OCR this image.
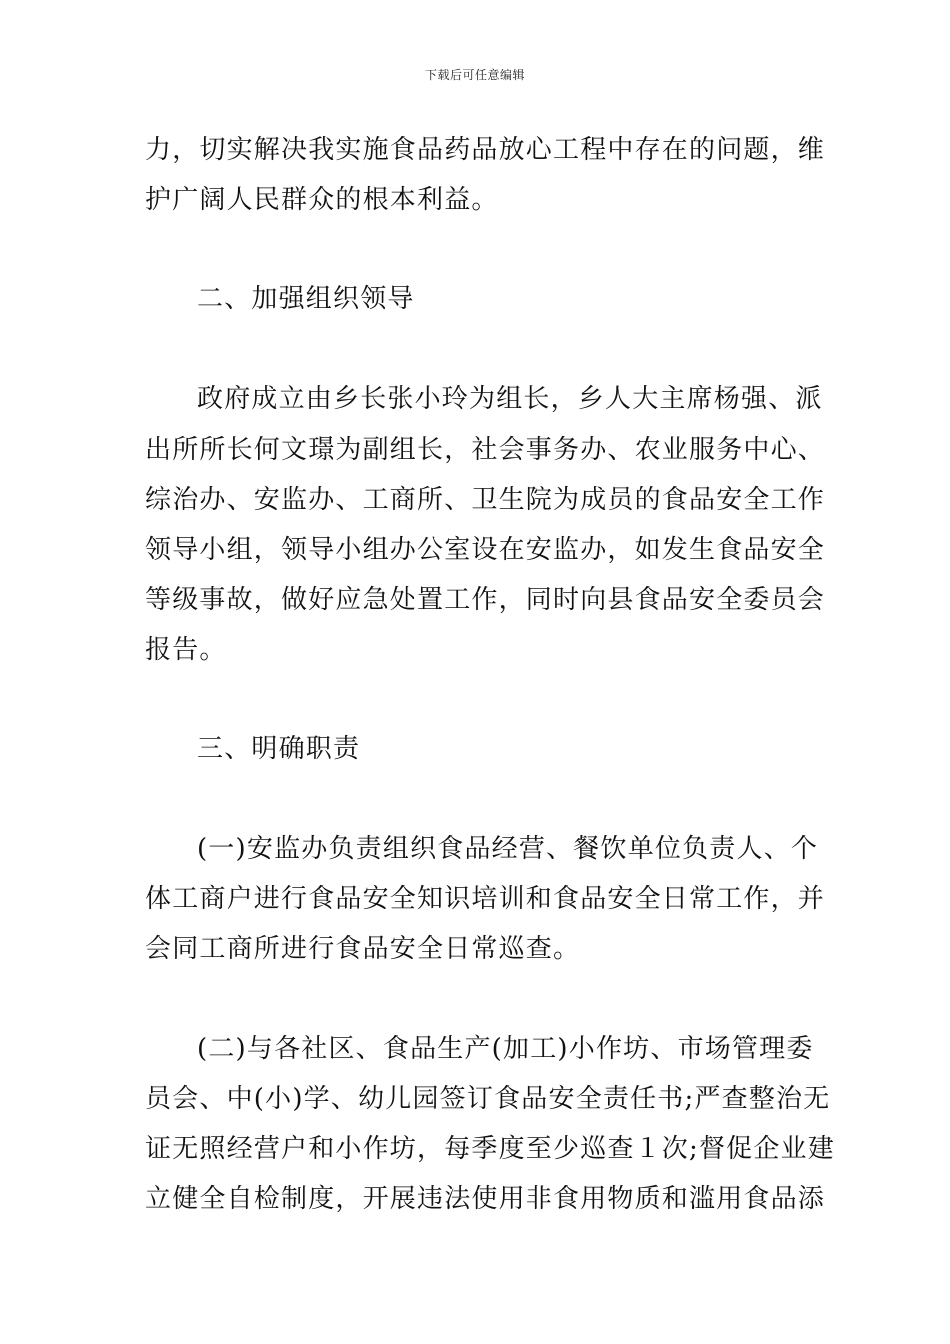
下载后可任意编辑
力，切实解决我实施食品药品放心工程中存在的问题，维
护广阔人民群众的根本利益。
二、加强组织领导
政府成立由乡长张小玲为组长，乡人大主席杨强、派
出所所长何文璟为副组长，社会事务办、农业服务中心、
综治办、安监办、工商所、卫生院为成员的食品安全工作
领导小组，领导小组办公室设在安监办，如发生食品安全
等级事故，做好应急处置工作，同时向县食品安全委员会
报告。
三、明确职责
(一)安监办负责组织食品经营、餐饮单位负责人、个
体工商户进行食品安全知识培训和食品安全日常工作，并
会同工商所进行食品安全日常巡查。
(二)与各社区、食品生产(加工)小作坊、市场管理委
员会、中(小)学、幼儿园签订食品安全责任书;严查整治无
证无照经营户和小作坊，每季度至少巡查１次;督促企业建
立健全自检制度，开展违法使用非食用物质和滥用食品添
